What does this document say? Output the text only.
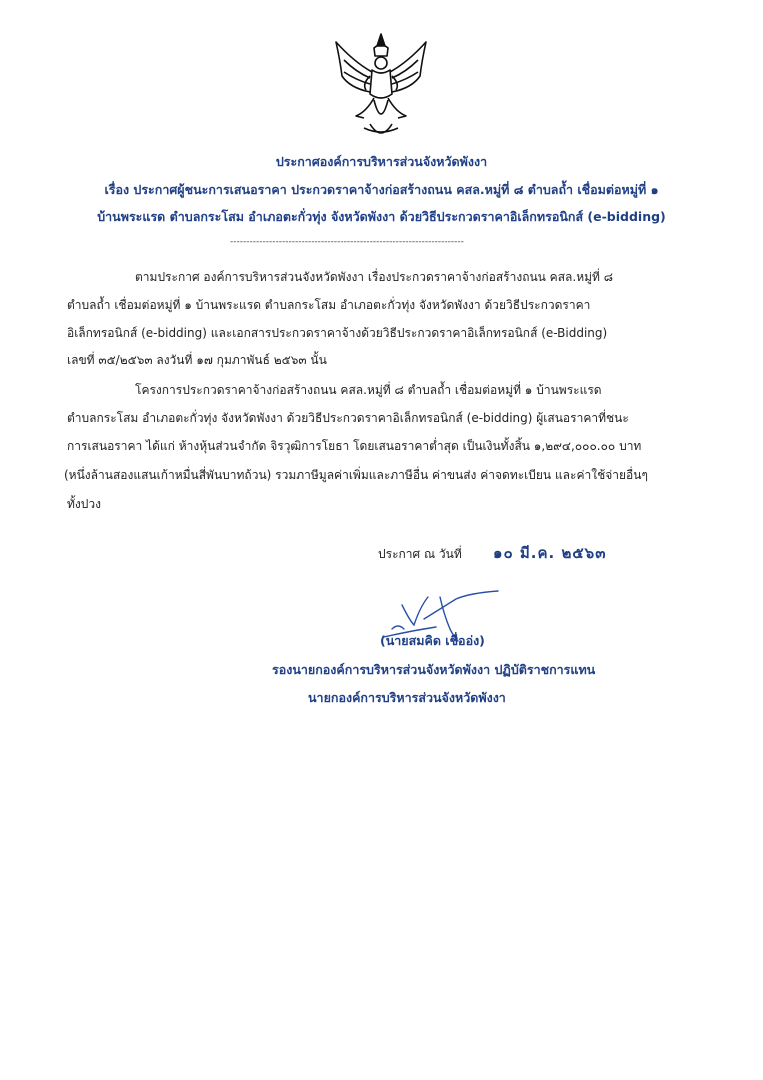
ประกาศองค์การบริหารส่วนจังหวัดพังงา
เรื่อง ประกาศผู้ชนะการเสนอราคา ประกวดราคาจ้างก่อสร้างถนน คสล.หมู่ที่ ๘ ตำบลถ้ำ เชื่อมต่อหมู่ที่ ๑
บ้านพระแรด ตำบลกระโสม อำเภอตะกั่วทุ่ง จังหวัดพังงา ด้วยวิธีประกวดราคาอิเล็กทรอนิกส์ (e-bidding)
------------------------------------------------------------------------
ตามประกาศ องค์การบริหารส่วนจังหวัดพังงา เรื่องประกวดราคาจ้างก่อสร้างถนน คสล.หมู่ที่ ๘
ตำบลถ้ำ เชื่อมต่อหมู่ที่ ๑ บ้านพระแรด ตำบลกระโสม อำเภอตะกั่วทุ่ง จังหวัดพังงา ด้วยวิธีประกวดราคา
อิเล็กทรอนิกส์ (e-bidding) และเอกสารประกวดราคาจ้างด้วยวิธีประกวดราคาอิเล็กทรอนิกส์ (e-Bidding)
เลขที่ ๓๕/๒๕๖๓ ลงวันที่ ๑๗ กุมภาพันธ์ ๒๕๖๓ นั้น
โครงการประกวดราคาจ้างก่อสร้างถนน คสล.หมู่ที่ ๘ ตำบลถ้ำ เชื่อมต่อหมู่ที่ ๑ บ้านพระแรด
ตำบลกระโสม อำเภอตะกั่วทุ่ง จังหวัดพังงา ด้วยวิธีประกวดราคาอิเล็กทรอนิกส์ (e-bidding) ผู้เสนอราคาที่ชนะ
การเสนอราคา ได้แก่ ห้างหุ้นส่วนจำกัด จิรวุฒิการโยธา โดยเสนอราคาต่ำสุด เป็นเงินทั้งสิ้น ๑,๒๙๔,๐๐๐.๐๐ บาท
(หนึ่งล้านสองแสนเก้าหมื่นสี่พันบาทถ้วน) รวมภาษีมูลค่าเพิ่มและภาษีอื่น ค่าขนส่ง ค่าจดทะเบียน และค่าใช้จ่ายอื่นๆ
ทั้งปวง
ประกาศ ณ วันที่ ๑๐ มี.ค. ๒๕๖๓
(นายสมคิด เชื่ออ่ง)
รองนายกองค์การบริหารส่วนจังหวัดพังงา ปฏิบัติราชการแทน
นายกองค์การบริหารส่วนจังหวัดพังงา
